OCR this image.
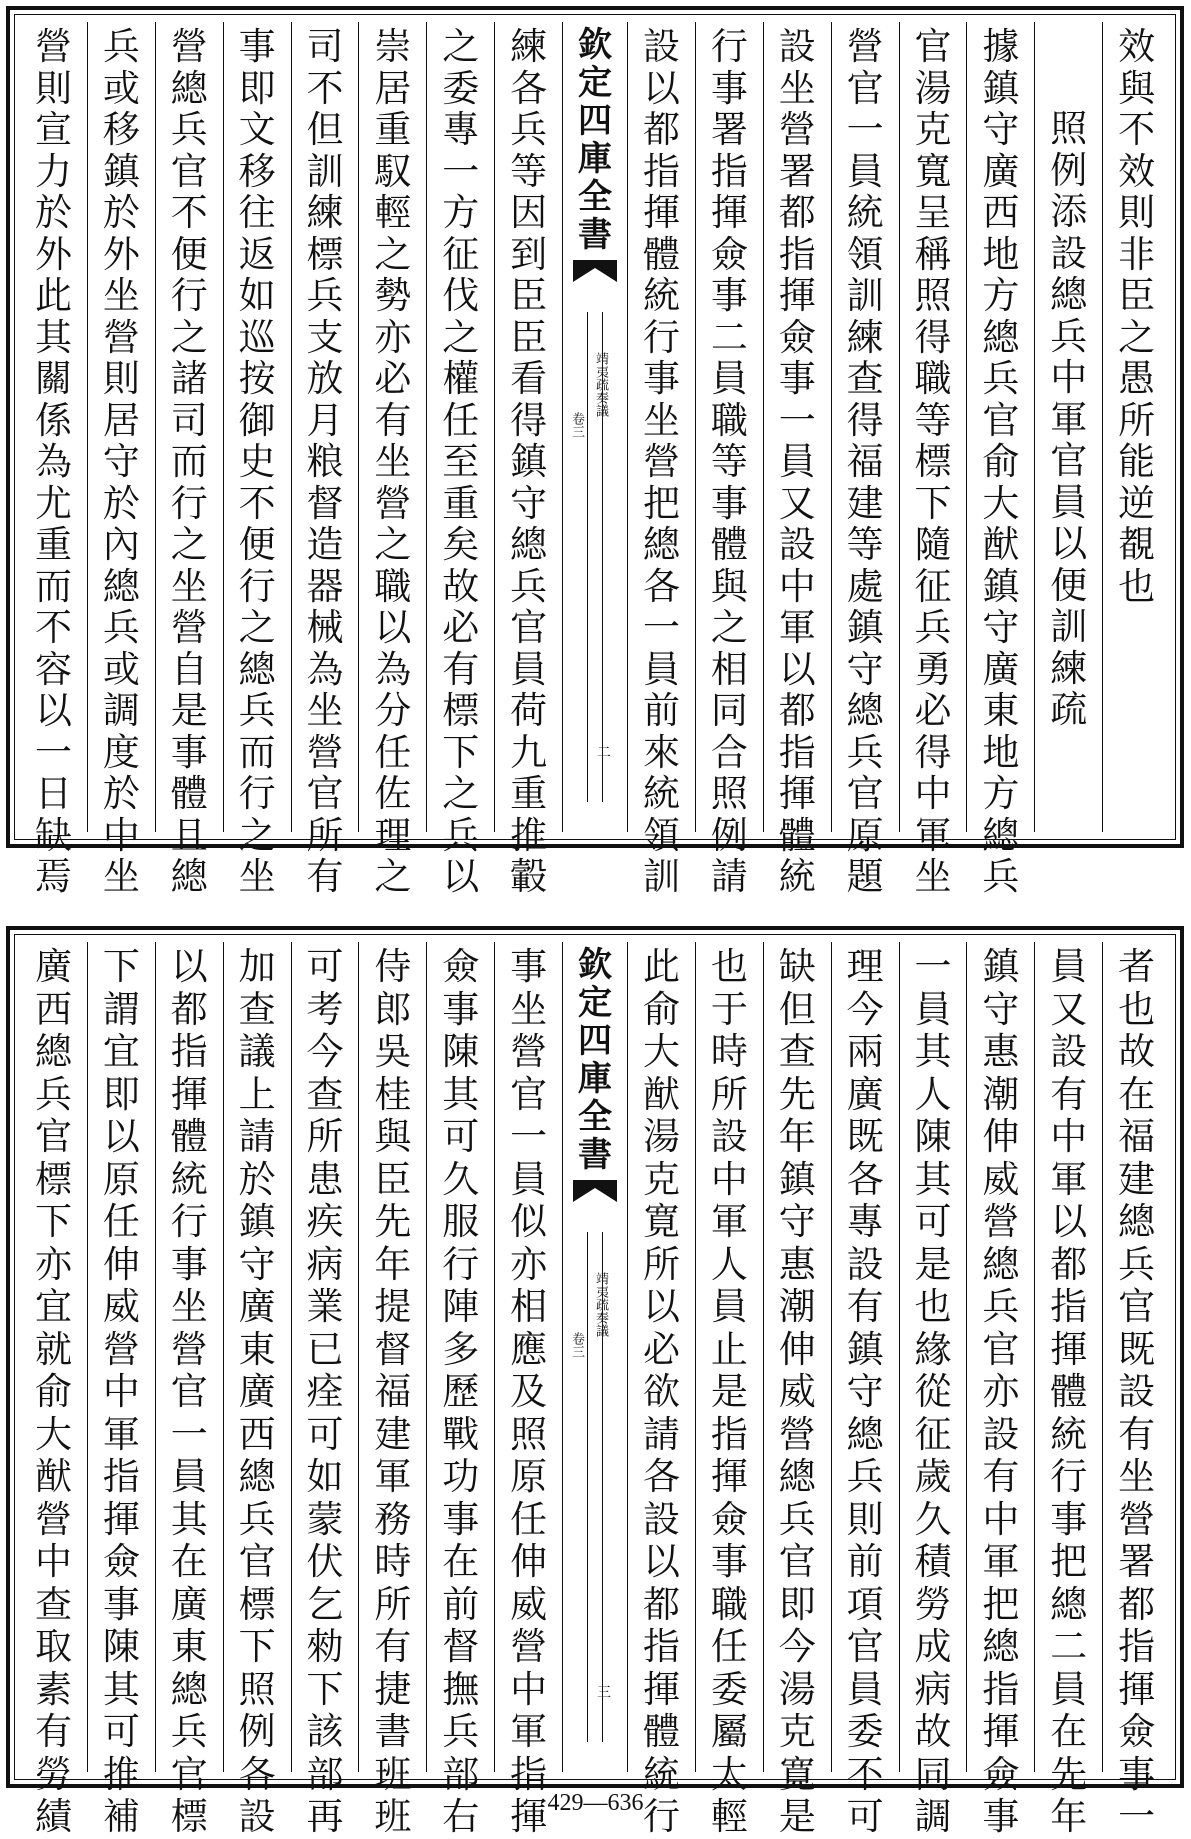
效
與
不
效
則
非
臣
之
愚
所
能
逆
覩
也
照
例
添
設
總
兵
中
軍
官
員
以
便
訓
練
疏
據
鎮
守
廣
西
地
方
總
兵
官
俞
大
猷
鎮
守
廣
東
地
方
總
兵
官
湯
克
寬
呈
稱
照
得
職
等
標
下
隨
征
兵
勇
必
得
中
軍
坐
營
官
一
員
統
領
訓
練
查
得
福
建
等
處
鎮
守
總
兵
官
原
題
設
坐
營
署
都
指
揮
僉
事
一
員
又
設
中
軍
以
都
指
揮
體
統
行
事
署
指
揮
僉
事
二
員
職
等
事
體
與
之
相
同
合
照
例
請
設
以
都
指
揮
體
統
行
事
坐
營
把
總
各
一
員
前
來
統
領
訓
欽定四庫全書
靖夷疏奏議
卷三
二
練
各
兵
等
因
到
臣
臣
看
得
鎮
守
總
兵
官
員
荷
九
重
推
轂
之
委
專
一
方
征
伐
之
權
任
至
重
矣
故
必
有
標
下
之
兵
以
崇
居
重
馭
輕
之
勢
亦
必
有
坐
營
之
職
以
為
分
任
佐
理
之
司
不
但
訓
練
標
兵
支
放
月
粮
督
造
器
械
為
坐
營
官
所
有
事
即
文
移
往
返
如
巡
按
御
史
不
便
行
之
總
兵
而
行
之
坐
營
總
兵
官
不
便
行
之
諸
司
而
行
之
坐
營
自
是
事
體
且
總
兵
或
移
鎮
於
外
坐
營
則
居
守
於
內
總
兵
或
調
度
於
中
坐
營
則
宣
力
於
外
此
其
關
係
為
尤
重
而
不
容
以
一
日
缺
焉
者
也
故
在
福
建
總
兵
官
既
設
有
坐
營
署
都
指
揮
僉
事
一
員
又
設
有
中
軍
以
都
指
揮
體
統
行
事
把
總
二
員
在
先
年
鎮
守
惠
潮
伸
威
營
總
兵
官
亦
設
有
中
軍
把
總
指
揮
僉
事
一
員
其
人
陳
其
可
是
也
緣
從
征
歲
久
積
勞
成
病
故
同
調
理
今
兩
廣
既
各
專
設
有
鎮
守
總
兵
則
前
項
官
員
委
不
可
缺
但
查
先
年
鎮
守
惠
潮
伸
威
營
總
兵
官
即
今
湯
克
寛
是
也
于
時
所
設
中
軍
人
員
止
是
指
揮
僉
事
職
任
委
屬
太
輕
此
俞
大
猷
湯
克
寛
所
以
必
欲
請
各
設
以
都
指
揮
體
統
行
欽定四庫全書
靖夷疏奏議
卷三
三
事
坐
營
官
一
員
似
亦
相
應
及
照
原
任
伸
威
營
中
軍
指
揮
僉
事
陳
其
可
久
服
行
陣
多
歷
戰
功
事
在
前
督
撫
兵
部
右
侍
郎
吳
桂
與
臣
先
年
提
督
福
建
軍
務
時
所
有
捷
書
班
班
可
考
今
查
所
患
疾
病
業
已
痊
可
如
蒙
伏
乞
勑
下
該
部
再
加
查
議
上
請
於
鎮
守
廣
東
廣
西
總
兵
官
標
下
照
例
各
設
以
都
指
揮
體
統
行
事
坐
營
官
一
員
其
在
廣
東
總
兵
官
標
下
謂
宜
即
以
原
任
伸
威
營
中
軍
指
揮
僉
事
陳
其
可
推
補
廣
西
總
兵
官
標
下
亦
宜
就
俞
大
猷
營
中
查
取
素
有
勞
績	429—636
